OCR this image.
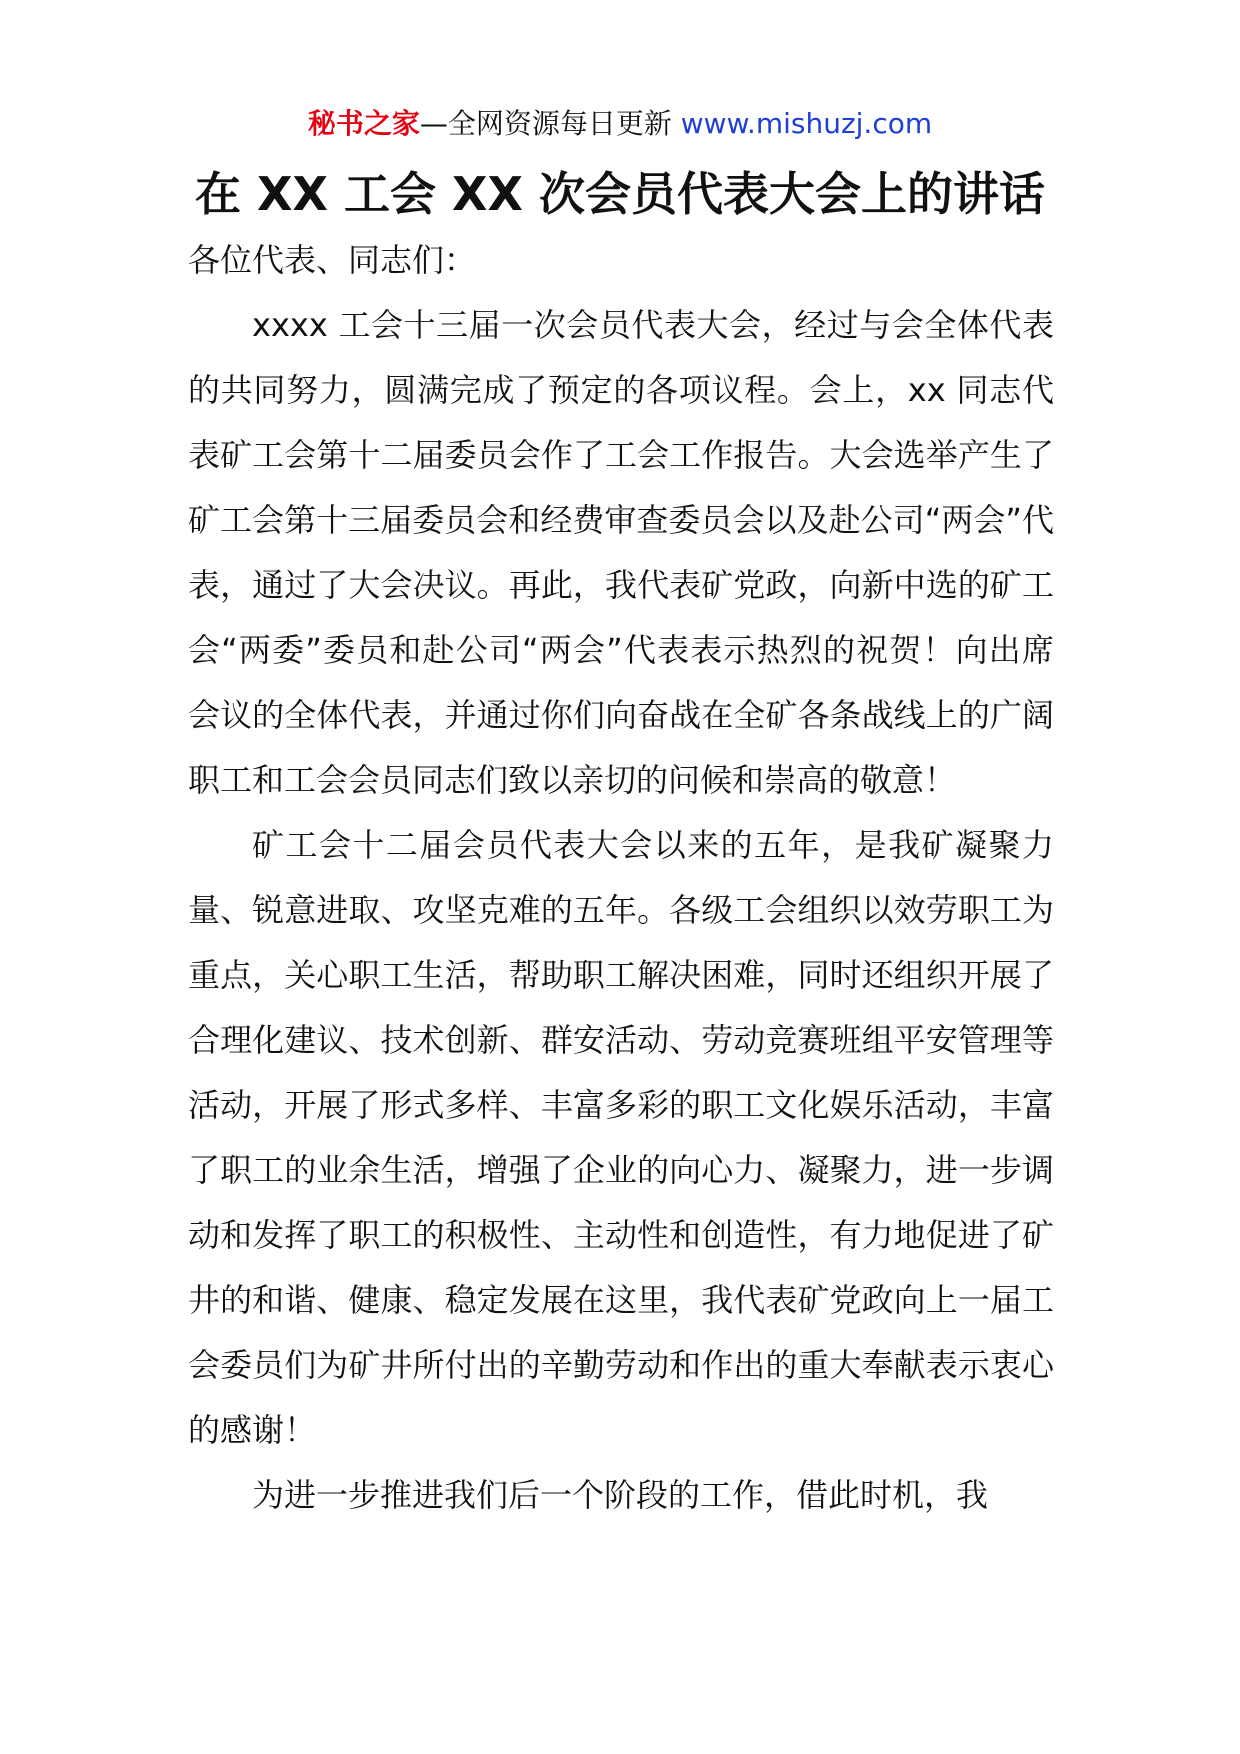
秘书之家—全网资源每日更新 www.mishuzj.com
在 XX 工会 XX 次会员代表大会上的讲话

各位代表、同志们：

xxxx 工会十三届一次会员代表大会，经过与会全体代表的共同努力，圆满完成了预定的各项议程。会上，xx 同志代表矿工会第十二届委员会作了工会工作报告。大会选举产生了矿工会第十三届委员会和经费审查委员会以及赴公司“两会”代表，通过了大会决议。再此，我代表矿党政，向新中选的矿工会“两委”委员和赴公司“两会”代表表示热烈的祝贺！向出席会议的全体代表，并通过你们向奋战在全矿各条战线上的广阔职工和工会会员同志们致以亲切的问候和崇高的敬意！

矿工会十二届会员代表大会以来的五年，是我矿凝聚力量、锐意进取、攻坚克难的五年。各级工会组织以效劳职工为重点，关心职工生活，帮助职工解决困难，同时还组织开展了合理化建议、技术创新、群安活动、劳动竞赛班组平安管理等活动，开展了形式多样、丰富多彩的职工文化娱乐活动，丰富了职工的业余生活，增强了企业的向心力、凝聚力，进一步调动和发挥了职工的积极性、主动性和创造性，有力地促进了矿井的和谐、健康、稳定发展在这里，我代表矿党政向上一届工会委员们为矿井所付出的辛勤劳动和作出的重大奉献表示衷心的感谢！

为进一步推进我们后一个阶段的工作，借此时机，我
